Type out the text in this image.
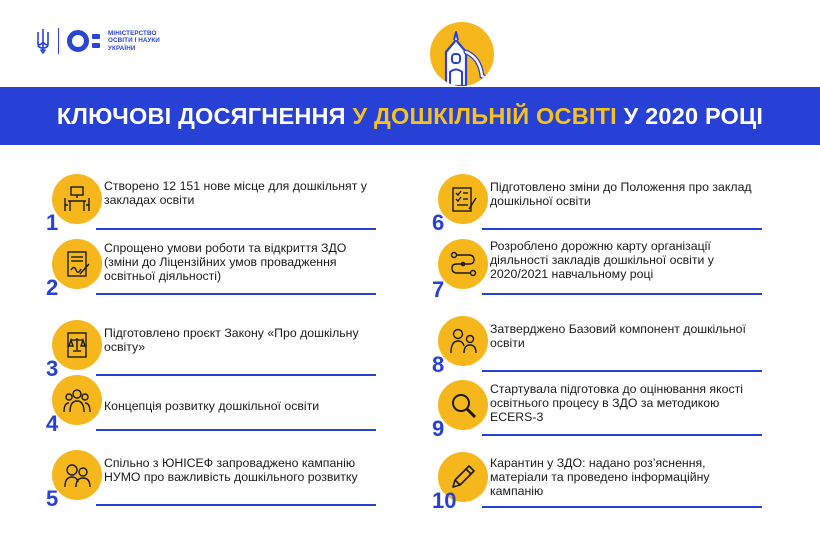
МІНІСТЕРСТВО
ОСВІТИ І НАУКИ
УКРАЇНИ
КЛЮЧОВІ ДОСЯГНЕННЯ У ДОШКІЛЬНІЙ ОСВІТІ У 2020 РОЦІ
1
Створено 12 151 нове місце для дошкільнят у закладах освіти
2
Спрощено умови роботи та відкриття ЗДО (зміни до Ліцензійних умов провадження освітньої діяльності)
3
Підготовлено проєкт Закону «Про дошкільну освіту»
4
Концепція розвитку дошкільної освіти
5
Спільно з ЮНІСЕФ запроваджено кампанію НУМО про важливість дошкільного розвитку
6
Підготовлено зміни до Положення про заклад дошкільної освіти
7
Розроблено дорожню карту організації діяльності закладів дошкільної освіти у 2020/2021 навчальному році
8
Затверджено Базовий компонент дошкільної освіти
9
Стартувала підготовка до оцінювання якості освітнього процесу в ЗДО за методикою ECERS-3
10
Карантин у ЗДО: надано роз’яснення, матеріали та проведено інформаційну кампанію
